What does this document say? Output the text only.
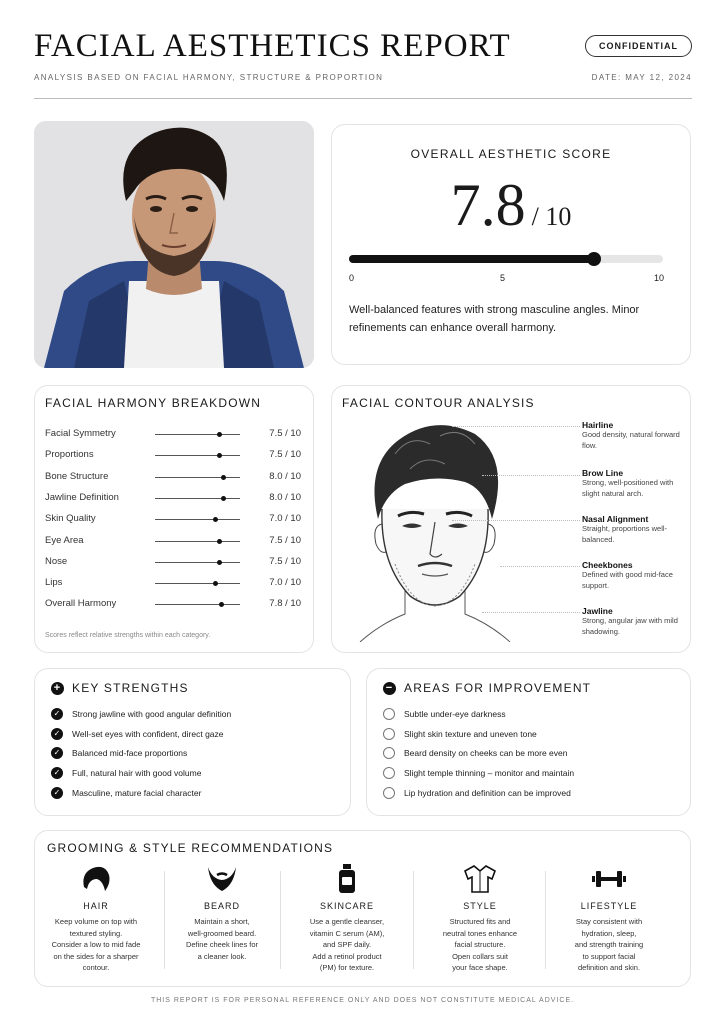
FACIAL AESTHETICS REPORT	CONFIDENTIAL
ANALYSIS BASED ON FACIAL HARMONY, STRUCTURE & PROPORTION	DATE: MAY 12, 2024
OVERALL AESTHETIC SCORE
7.8 / 10
0	5	10
Well-balanced features with strong masculine angles. Minor refinements can enhance overall harmony.
FACIAL HARMONY BREAKDOWN
Facial Symmetry	7.5 / 10
Proportions	7.5 / 10
Bone Structure	8.0 / 10
Jawline Definition	8.0 / 10
Skin Quality	7.0 / 10
Eye Area	7.5 / 10
Nose	7.5 / 10
Lips	7.0 / 10
Overall Harmony	7.8 / 10
Scores reflect relative strengths within each category.
FACIAL CONTOUR ANALYSIS
Hairline
Good density, natural forward flow.
Brow Line
Strong, well-positioned with slight natural arch.
Nasal Alignment
Straight, proportions well-balanced.
Cheekbones
Defined with good mid-face support.
Jawline
Strong, angular jaw with mild shadowing.
+ KEY STRENGTHS
✓	Strong jawline with good angular definition
✓	Well-set eyes with confident, direct gaze
✓	Balanced mid-face proportions
✓	Full, natural hair with good volume
✓	Masculine, mature facial character
− AREAS FOR IMPROVEMENT
Subtle under-eye darkness
Slight skin texture and uneven tone
Beard density on cheeks can be more even
Slight temple thinning – monitor and maintain
Lip hydration and definition can be improved
GROOMING & STYLE RECOMMENDATIONS
HAIR
Keep volume on top with
textured styling.
Consider a low to mid fade
on the sides for a sharper
contour.
BEARD
Maintain a short,
well-groomed beard.
Define cheek lines for
a cleaner look.
SKINCARE
Use a gentle cleanser,
vitamin C serum (AM),
and SPF daily.
Add a retinol product
(PM) for texture.
STYLE
Structured fits and
neutral tones enhance
facial structure.
Open collars suit
your face shape.
LIFESTYLE
Stay consistent with
hydration, sleep,
and strength training
to support facial
definition and skin.
THIS REPORT IS FOR PERSONAL REFERENCE ONLY AND DOES NOT CONSTITUTE MEDICAL ADVICE.
